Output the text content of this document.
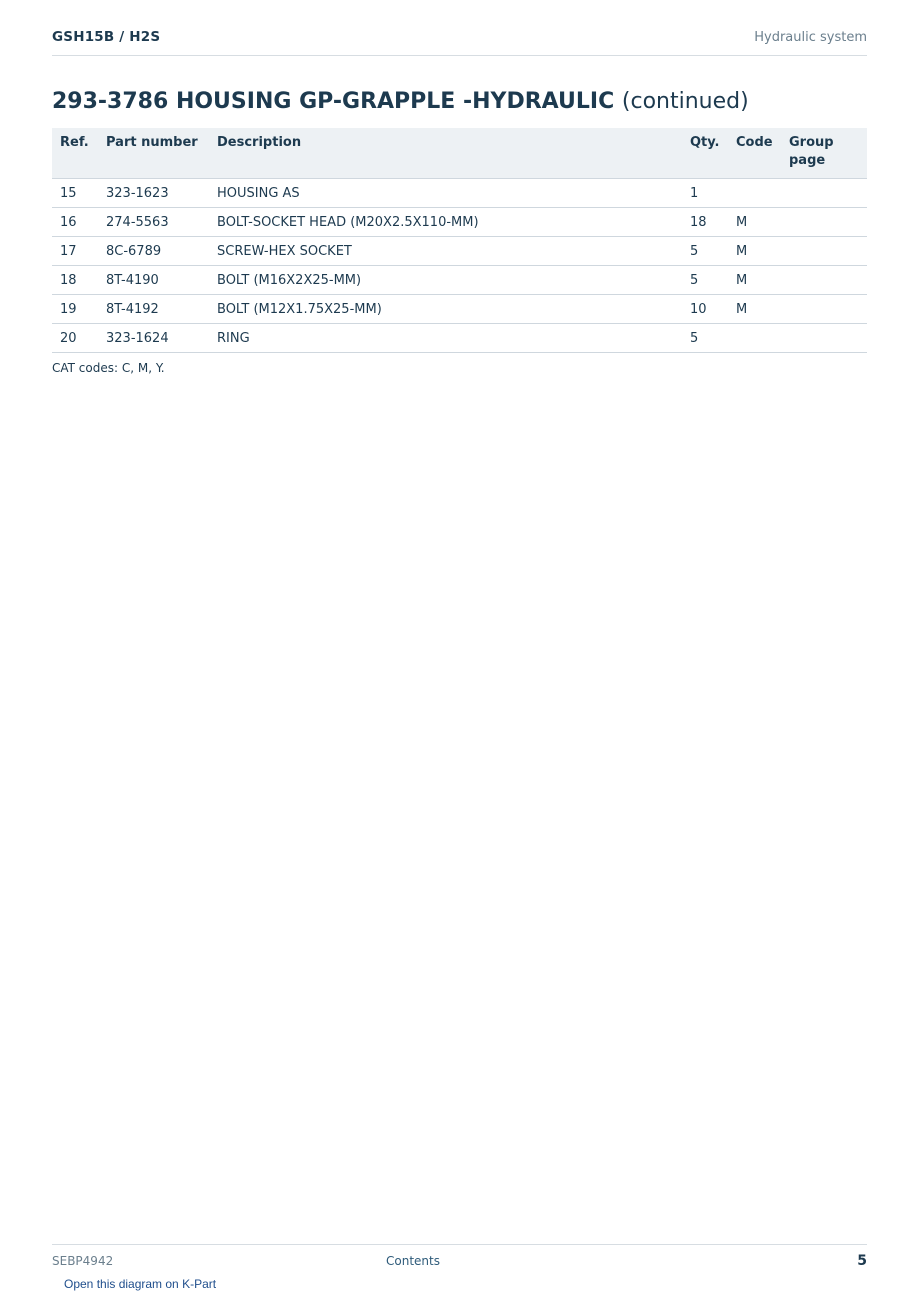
GSH15B / H2S	Hydraulic system
293-3786 HOUSING GP-GRAPPLE -HYDRAULIC (continued)
Ref.	Part number	Description	Qty.	Code	Group page
15	323-1623	HOUSING AS	1		
16	274-5563	BOLT-SOCKET HEAD (M20X2.5X110-MM)	18	M	
17	8C-6789	SCREW-HEX SOCKET	5	M	
18	8T-4190	BOLT (M16X2X25-MM)	5	M	
19	8T-4192	BOLT (M12X1.75X25-MM)	10	M	
20	323-1624	RING	5		
CAT codes: C, M, Y.
SEBP4942	Contents	5
Open this diagram on K-Part
